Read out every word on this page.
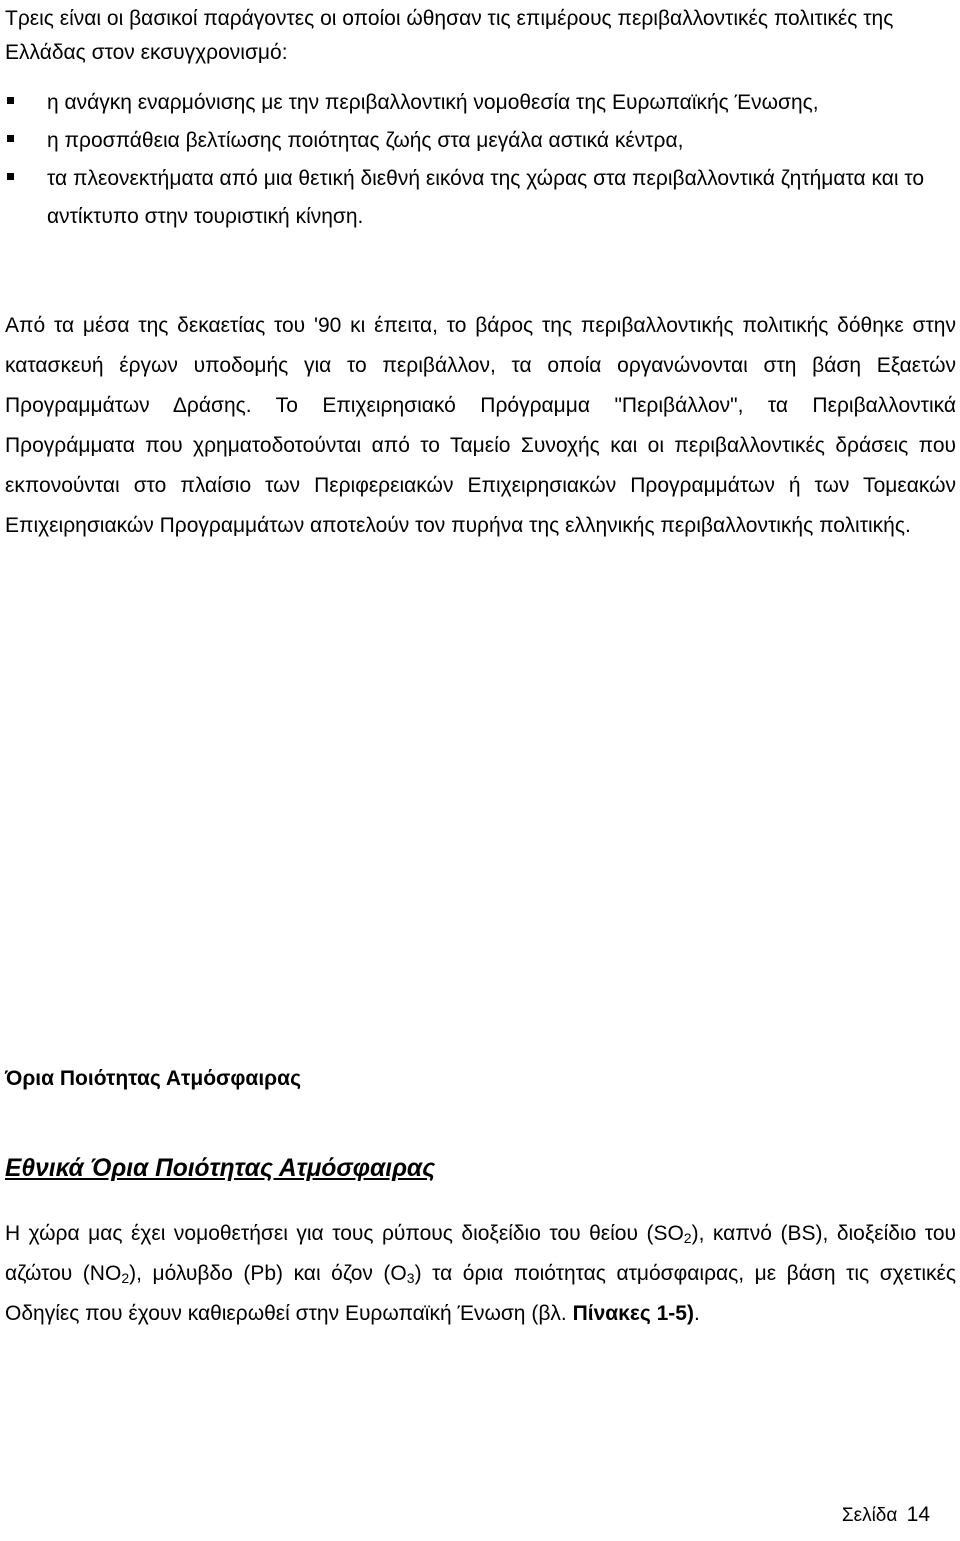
Τρεις είναι οι βασικοί παράγοντες οι οποίοι ώθησαν τις επιμέρους περιβαλλοντικές πολιτικές της Ελλάδας στον εκσυγχρονισμό:

η ανάγκη εναρμόνισης με την περιβαλλοντική νομοθεσία της Ευρωπαϊκής Ένωσης,
η προσπάθεια βελτίωσης ποιότητας ζωής στα μεγάλα αστικά κέντρα,
τα πλεονεκτήματα από μια θετική διεθνή εικόνα της χώρας στα περιβαλλοντικά ζητήματα και το αντίκτυπο στην τουριστική κίνηση.

Από τα μέσα της δεκαετίας του '90 κι έπειτα, το βάρος της περιβαλλοντικής πολιτικής δόθηκε στην κατασκευή έργων υποδομής για το περιβάλλον, τα οποία οργανώνονται στη βάση Εξαετών Προγραμμάτων Δράσης. Το Επιχειρησιακό Πρόγραμμα "Περιβάλλον", τα Περιβαλλοντικά Προγράμματα που χρηματοδοτούνται από το Ταμείο Συνοχής και οι περιβαλλοντικές δράσεις που εκπονούνται στο πλαίσιο των Περιφερειακών Επιχειρησιακών Προγραμμάτων ή των Τομεακών Επιχειρησιακών Προγραμμάτων αποτελούν τον πυρήνα της ελληνικής περιβαλλοντικής πολιτικής.

Όρια Ποιότητας Ατμόσφαιρας
Εθνικά Όρια Ποιότητας Ατμόσφαιρας

Η χώρα μας έχει νομοθετήσει για τους ρύπους διοξείδιο του θείου $(SO_2)$, καπνό (BS), διοξείδιο του αζώτου $(NO_2)$, μόλυβδο (Pb) και όζον $(O_3)$ τα όρια ποιότητας ατμόσφαιρας, με βάση τις σχετικές Οδηγίες που έχουν καθιερωθεί στην Ευρωπαϊκή Ένωση (βλ. Πίνακες 1-5).

Σελίδα 14
